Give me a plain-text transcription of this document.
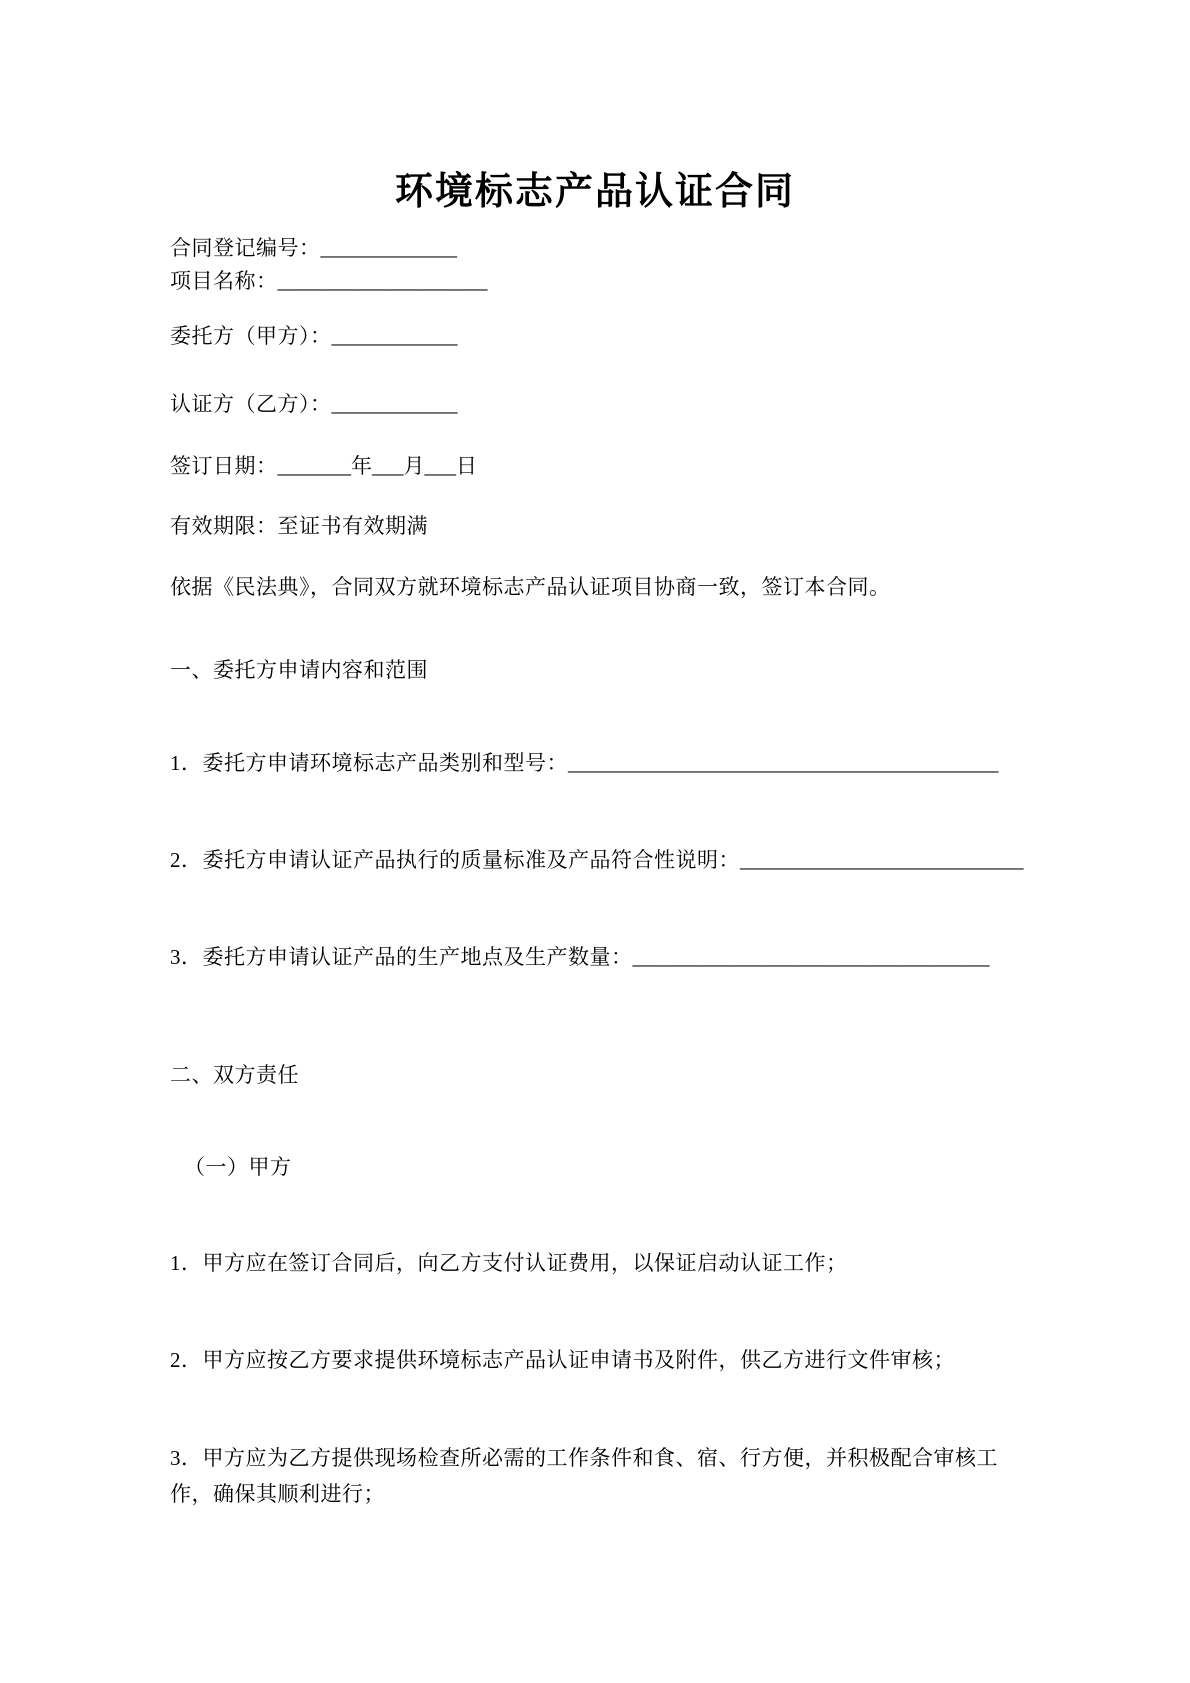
环境标志产品认证合同

合同登记编号：_____________

项目名称：____________________

委托方（甲方）：____________

认证方（乙方）：____________

签订日期：_______年___月___日

有效期限：至证书有效期满

依据《民法典》，合同双方就环境标志产品认证项目协商一致，签订本合同。

一、委托方申请内容和范围

1．委托方申请环境标志产品类别和型号：_________________________________________

2．委托方申请认证产品执行的质量标准及产品符合性说明：___________________________

3．委托方申请认证产品的生产地点及生产数量：__________________________________

二、双方责任

（一）甲方

1．甲方应在签订合同后，向乙方支付认证费用，以保证启动认证工作；

2．甲方应按乙方要求提供环境标志产品认证申请书及附件，供乙方进行文件审核；

3．甲方应为乙方提供现场检查所必需的工作条件和食、宿、行方便，并积极配合审核工作，确保其顺利进行；
